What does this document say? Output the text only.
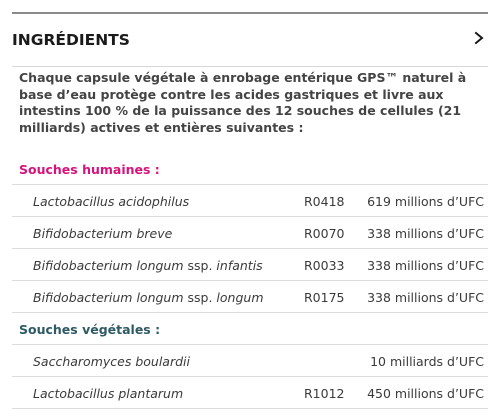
INGRÉDIENTS
Chaque capsule végétale à enrobage entérique GPS™ naturel à base d’eau protège contre les acides gastriques et livre aux intestins 100 % de la puissance des 12 souches de cellules (21 milliards) actives et entières suivantes :
Souches humaines :
Lactobacillus acidophilus	R0418 619 millions d’UFC
Bifidobacterium breve	R0070 338 millions d’UFC
Bifidobacterium longum ssp. infantis	R0033 338 millions d’UFC
Bifidobacterium longum ssp. longum	R0175 338 millions d’UFC
Souches végétales :
Saccharomyces boulardii	10 milliards d’UFC
Lactobacillus plantarum	R1012 450 millions d’UFC
